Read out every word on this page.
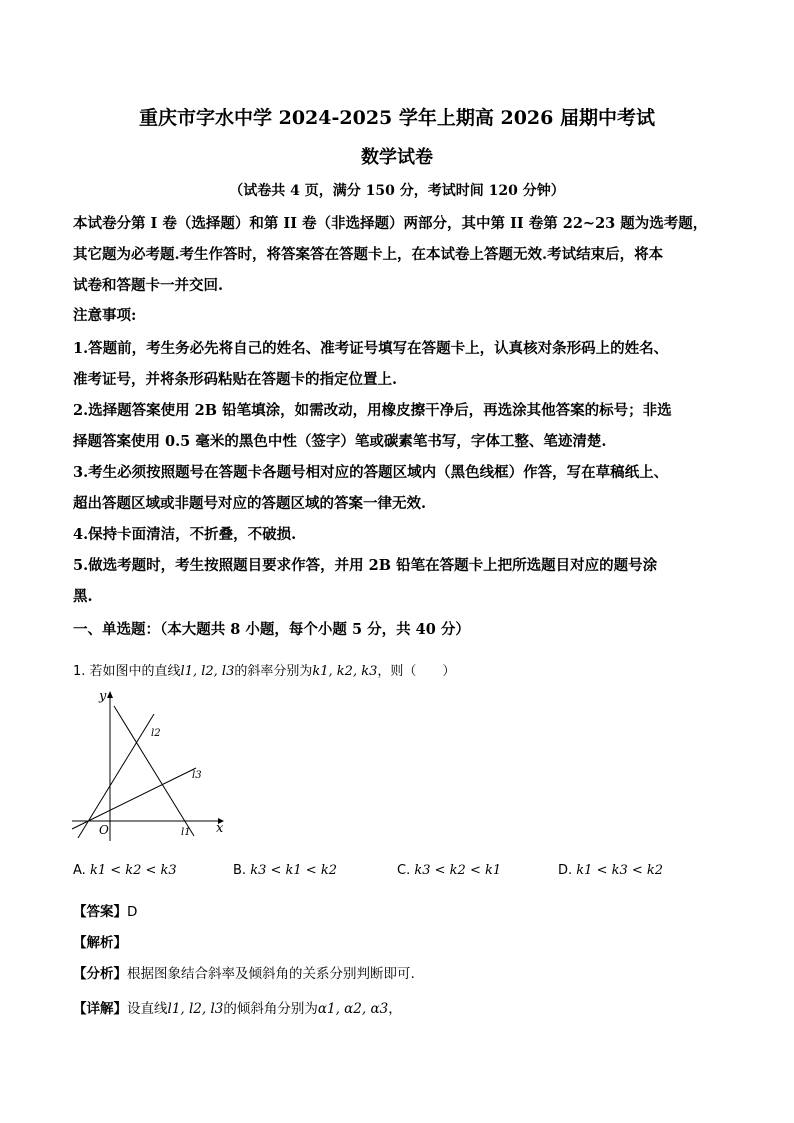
重庆市字水中学 2024-2025 学年上期高 2026 届期中考试
数学试卷
（试卷共 4 页，满分 150 分，考试时间 120 分钟）
本试卷分第 I 卷（选择题）和第 II 卷（非选择题）两部分，其中第 II 卷第 22~23 题为选考题，
其它题为必考题.考生作答时，将答案答在答题卡上，在本试卷上答题无效.考试结束后，将本
试卷和答题卡一并交回.
注意事项:
1.答题前，考生务必先将自己的姓名、准考证号填写在答题卡上，认真核对条形码上的姓名、
准考证号，并将条形码粘贴在答题卡的指定位置上.
2.选择题答案使用 2B 铅笔填涂，如需改动，用橡皮擦干净后，再选涂其他答案的标号；非选
择题答案使用 0.5 毫米的黑色中性（签字）笔或碳素笔书写，字体工整、笔迹清楚.
3.考生必须按照题号在答题卡各题号相对应的答题区域内（黑色线框）作答，写在草稿纸上、
超出答题区域或非题号对应的答题区域的答案一律无效.
4.保持卡面清洁，不折叠，不破损.
5.做选考题时，考生按照题目要求作答，并用 2B 铅笔在答题卡上把所选题目对应的题号涂
黑.
一、单选题：（本大题共 8 小题，每个小题 5 分，共 40 分）
1. 若如图中的直线l1, l2, l3的斜率分别为k1, k2, k3，则（　　）
y
x
O	l1
l2
l3
A. k1 < k2 < k3	B. k3 < k1 < k2	C. k3 < k2 < k1	D. k1 < k3 < k2
【答案】D
【解析】
【分析】根据图象结合斜率及倾斜角的关系分别判断即可.
【详解】设直线l1, l2, l3的倾斜角分别为α1, α2, α3，
